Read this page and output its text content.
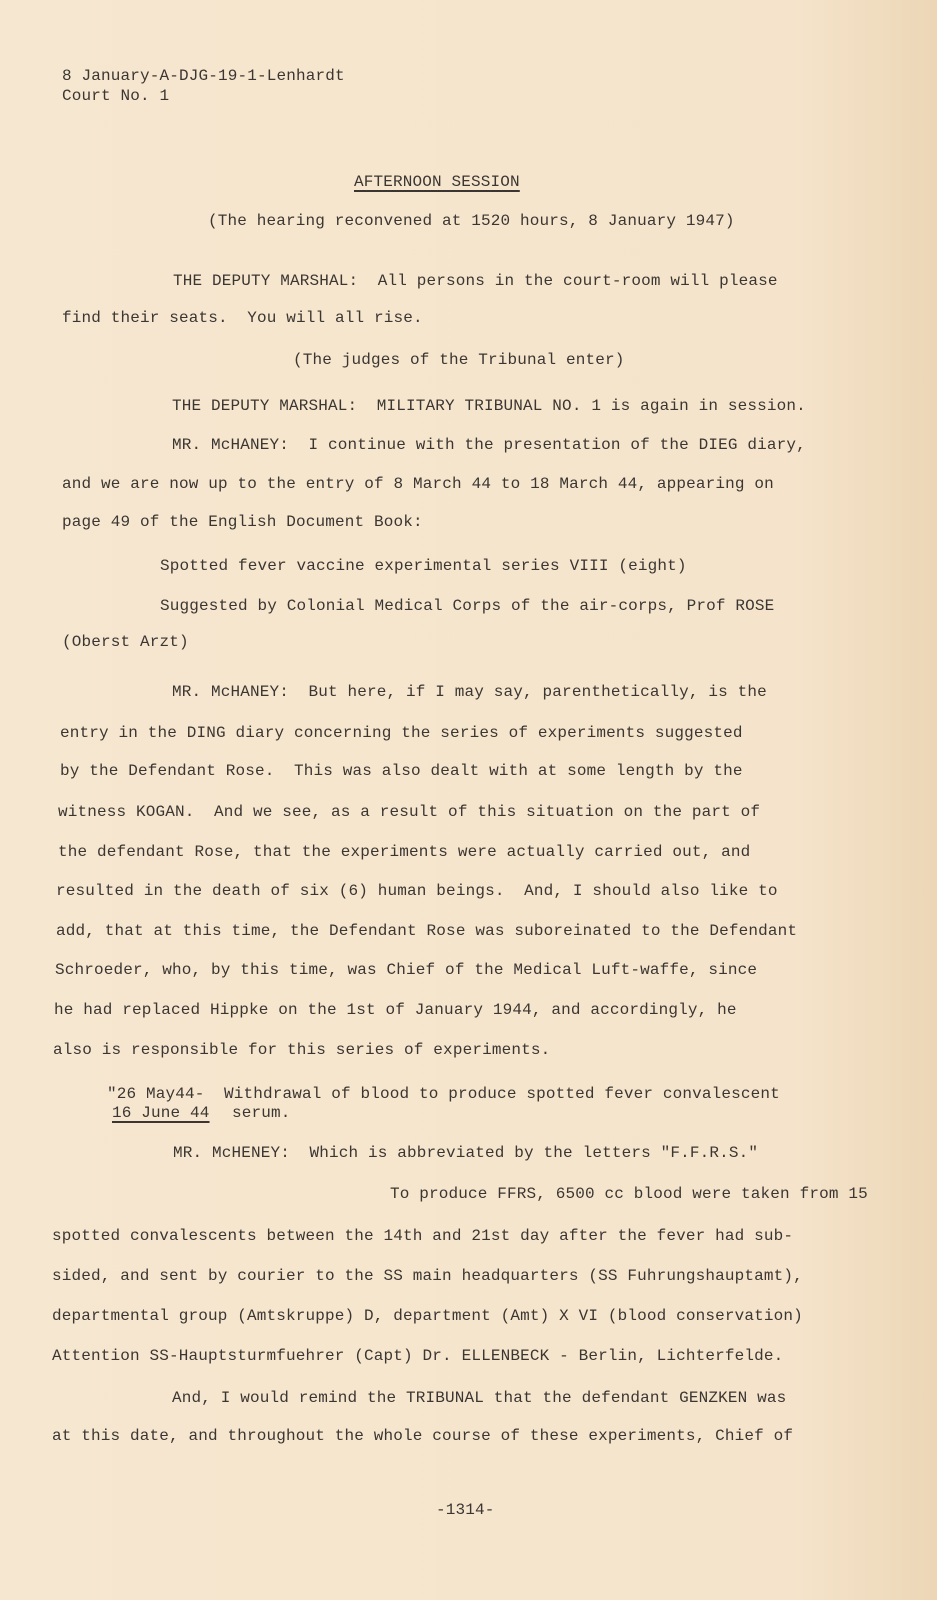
8 January-A-DJG-19-1-Lenhardt
Court No. 1
AFTERNOON SESSION
(The hearing reconvened at 1520 hours, 8 January 1947)
THE DEPUTY MARSHAL:  All persons in the court-room will please
find their seats.  You will all rise.
(The judges of the Tribunal enter)
THE DEPUTY MARSHAL:  MILITARY TRIBUNAL NO. 1 is again in session.
MR. McHANEY:  I continue with the presentation of the DIEG diary,
and we are now up to the entry of 8 March 44 to 18 March 44, appearing on
page 49 of the English Document Book:
Spotted fever vaccine experimental series VIII (eight)
Suggested by Colonial Medical Corps of the air-corps, Prof ROSE
(Oberst Arzt)
MR. McHANEY:  But here, if I may say, parenthetically, is the
entry in the DING diary concerning the series of experiments suggested
by the Defendant Rose.  This was also dealt with at some length by the
witness KOGAN.  And we see, as a result of this situation on the part of
the defendant Rose, that the experiments were actually carried out, and
resulted in the death of six (6) human beings.  And, I should also like to
add, that at this time, the Defendant Rose was suboreinated to the Defendant
Schroeder, who, by this time, was Chief of the Medical Luft-waffe, since
he had replaced Hippke on the 1st of January 1944, and accordingly, he
also is responsible for this series of experiments.
"26 May44-  Withdrawal of blood to produce spotted fever convalescent
16 June 44 serum.
MR. McHENEY:  Which is abbreviated by the letters "F.F.R.S."
To produce FFRS, 6500 cc blood were taken from 15
spotted convalescents between the 14th and 21st day after the fever had sub-
sided, and sent by courier to the SS main headquarters (SS Fuhrungshauptamt),
departmental group (Amtskruppe) D, department (Amt) X VI (blood conservation)
Attention SS-Hauptsturmfuehrer (Capt) Dr. ELLENBECK - Berlin, Lichterfelde.
And, I would remind the TRIBUNAL that the defendant GENZKEN was
at this date, and throughout the whole course of these experiments, Chief of
-1314-
